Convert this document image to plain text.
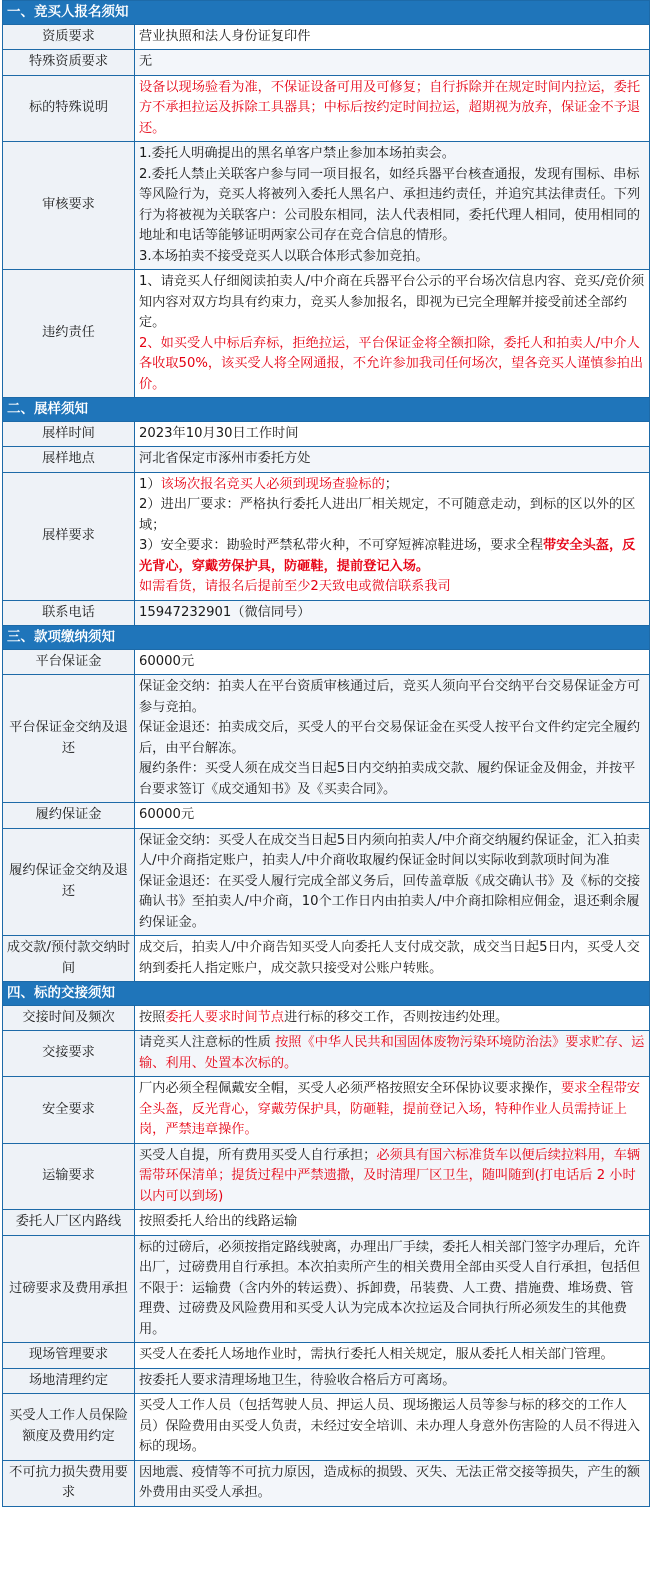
一、竞买人报名须知	
资质要求	营业执照和法人身份证复印件

特殊资质要求	无

标的特殊说明	设备以现场验看为准，不保证设备可用及可修复；自行拆除并在规定时间内拉运，委托方不承担拉运及拆除工具器具；中标后按约定时间拉运，超期视为放弃，保证金不予退还。

审核要求	1.委托人明确提出的黑名单客户禁止参加本场拍卖会。
2.委托人禁止关联客户参与同一项目报名，如经兵器平台核查通报，发现有围标、串标等风险行为，竞买人将被列入委托人黑名户、承担违约责任，并追究其法律责任。下列行为将被视为关联客户：公司股东相同，法人代表相同，委托代理人相同，使用相同的地址和电话等能够证明两家公司存在竞合信息的情形。
3.本场拍卖不接受竞买人以联合体形式参加竞拍。

违约责任	1、请竞买人仔细阅读拍卖人/中介商在兵器平台公示的平台场次信息内容、竞买/竞价须知内容对双方均具有约束力，竞买人参加报名，即视为已完全理解并接受前述全部约定。
2、如买受人中标后弃标，拒绝拉运，平台保证金将全额扣除，委托人和拍卖人/中介人各收取50%，该买受人将全网通报，不允许参加我司任何场次，望各竞买人谨慎参拍出价。

二、展样须知	
展样时间	2023年10月30日工作时间

展样地点	河北省保定市涿州市委托方处

展样要求	1）该场次报名竞买人必须到现场查验标的；
2）进出厂要求：严格执行委托人进出厂相关规定，不可随意走动，到标的区以外的区域；
3）安全要求：勘验时严禁私带火种，不可穿短裤凉鞋进场，要求全程带安全头盔，反光背心，穿戴劳保护具，防砸鞋，提前登记入场。
如需看货，请报名后提前至少2天致电或微信联系我司

联系电话	15947232901（微信同号）

三、款项缴纳须知	
平台保证金	60000元

平台保证金交纳及退还	保证金交纳：拍卖人在平台资质审核通过后，竞买人须向平台交纳平台交易保证金方可参与竞拍。
保证金退还：拍卖成交后，买受人的平台交易保证金在买受人按平台文件约定完全履约后，由平台解冻。
履约条件：买受人须在成交当日起5日内交纳拍卖成交款、履约保证金及佣金，并按平台要求签订《成交通知书》及《买卖合同》。

履约保证金	60000元

履约保证金交纳及退还	保证金交纳：买受人在成交当日起5日内须向拍卖人/中介商交纳履约保证金，汇入拍卖人/中介商指定账户，拍卖人/中介商收取履约保证金时间以实际收到款项时间为准
保证金退还：在买受人履行完成全部义务后，回传盖章版《成交确认书》及《标的交接确认书》至拍卖人/中介商，10个工作日内由拍卖人/中介商扣除相应佣金，退还剩余履约保证金。

成交款/预付款交纳时间	成交后，拍卖人/中介商告知买受人向委托人支付成交款，成交当日起5日内，买受人交纳到委托人指定账户，成交款只接受对公账户转账。

四、标的交接须知	
交接时间及频次	按照委托人要求时间节点进行标的移交工作，否则按违约处理。

交接要求	请竞买人注意标的性质 按照《中华人民共和国固体废物污染环境防治法》要求贮存、运输、利用、处置本次标的。

安全要求	厂内必须全程佩戴安全帽，买受人必须严格按照安全环保协议要求操作，要求全程带安全头盔，反光背心，穿戴劳保护具，防砸鞋，提前登记入场，特种作业人员需持证上岗，严禁违章操作。

运输要求	买受人自提，所有费用买受人自行承担；必须具有国六标准货车以便后续拉料用，车辆需带环保清单；提货过程中严禁遗撒，及时清理厂区卫生，随叫随到(打电话后 2 小时以内可以到场)

委托人厂区内路线	按照委托人给出的线路运输

过磅要求及费用承担	标的过磅后，必须按指定路线驶离，办理出厂手续，委托人相关部门签字办理后，允许出厂，过磅费用自行承担。本次拍卖所产生的相关费用全部由买受人自行承担，包括但不限于：运输费（含内外的转运费）、拆卸费，吊装费、人工费、措施费、堆场费、管理费、过磅费及风险费用和买受人认为完成本次拉运及合同执行所必须发生的其他费用。

现场管理要求	买受人在委托人场地作业时，需执行委托人相关规定，服从委托人相关部门管理。

场地清理约定	按委托人要求清理场地卫生，待验收合格后方可离场。

买受人工作人员保险额度及费用约定	买受人工作人员（包括驾驶人员、押运人员、现场搬运人员等参与标的移交的工作人员）保险费用由买受人负责，未经过安全培训、未办理人身意外伤害险的人员不得进入标的现场。

不可抗力损失费用要求	因地震、疫情等不可抗力原因，造成标的损毁、灭失、无法正常交接等损失，产生的额外费用由买受人承担。
